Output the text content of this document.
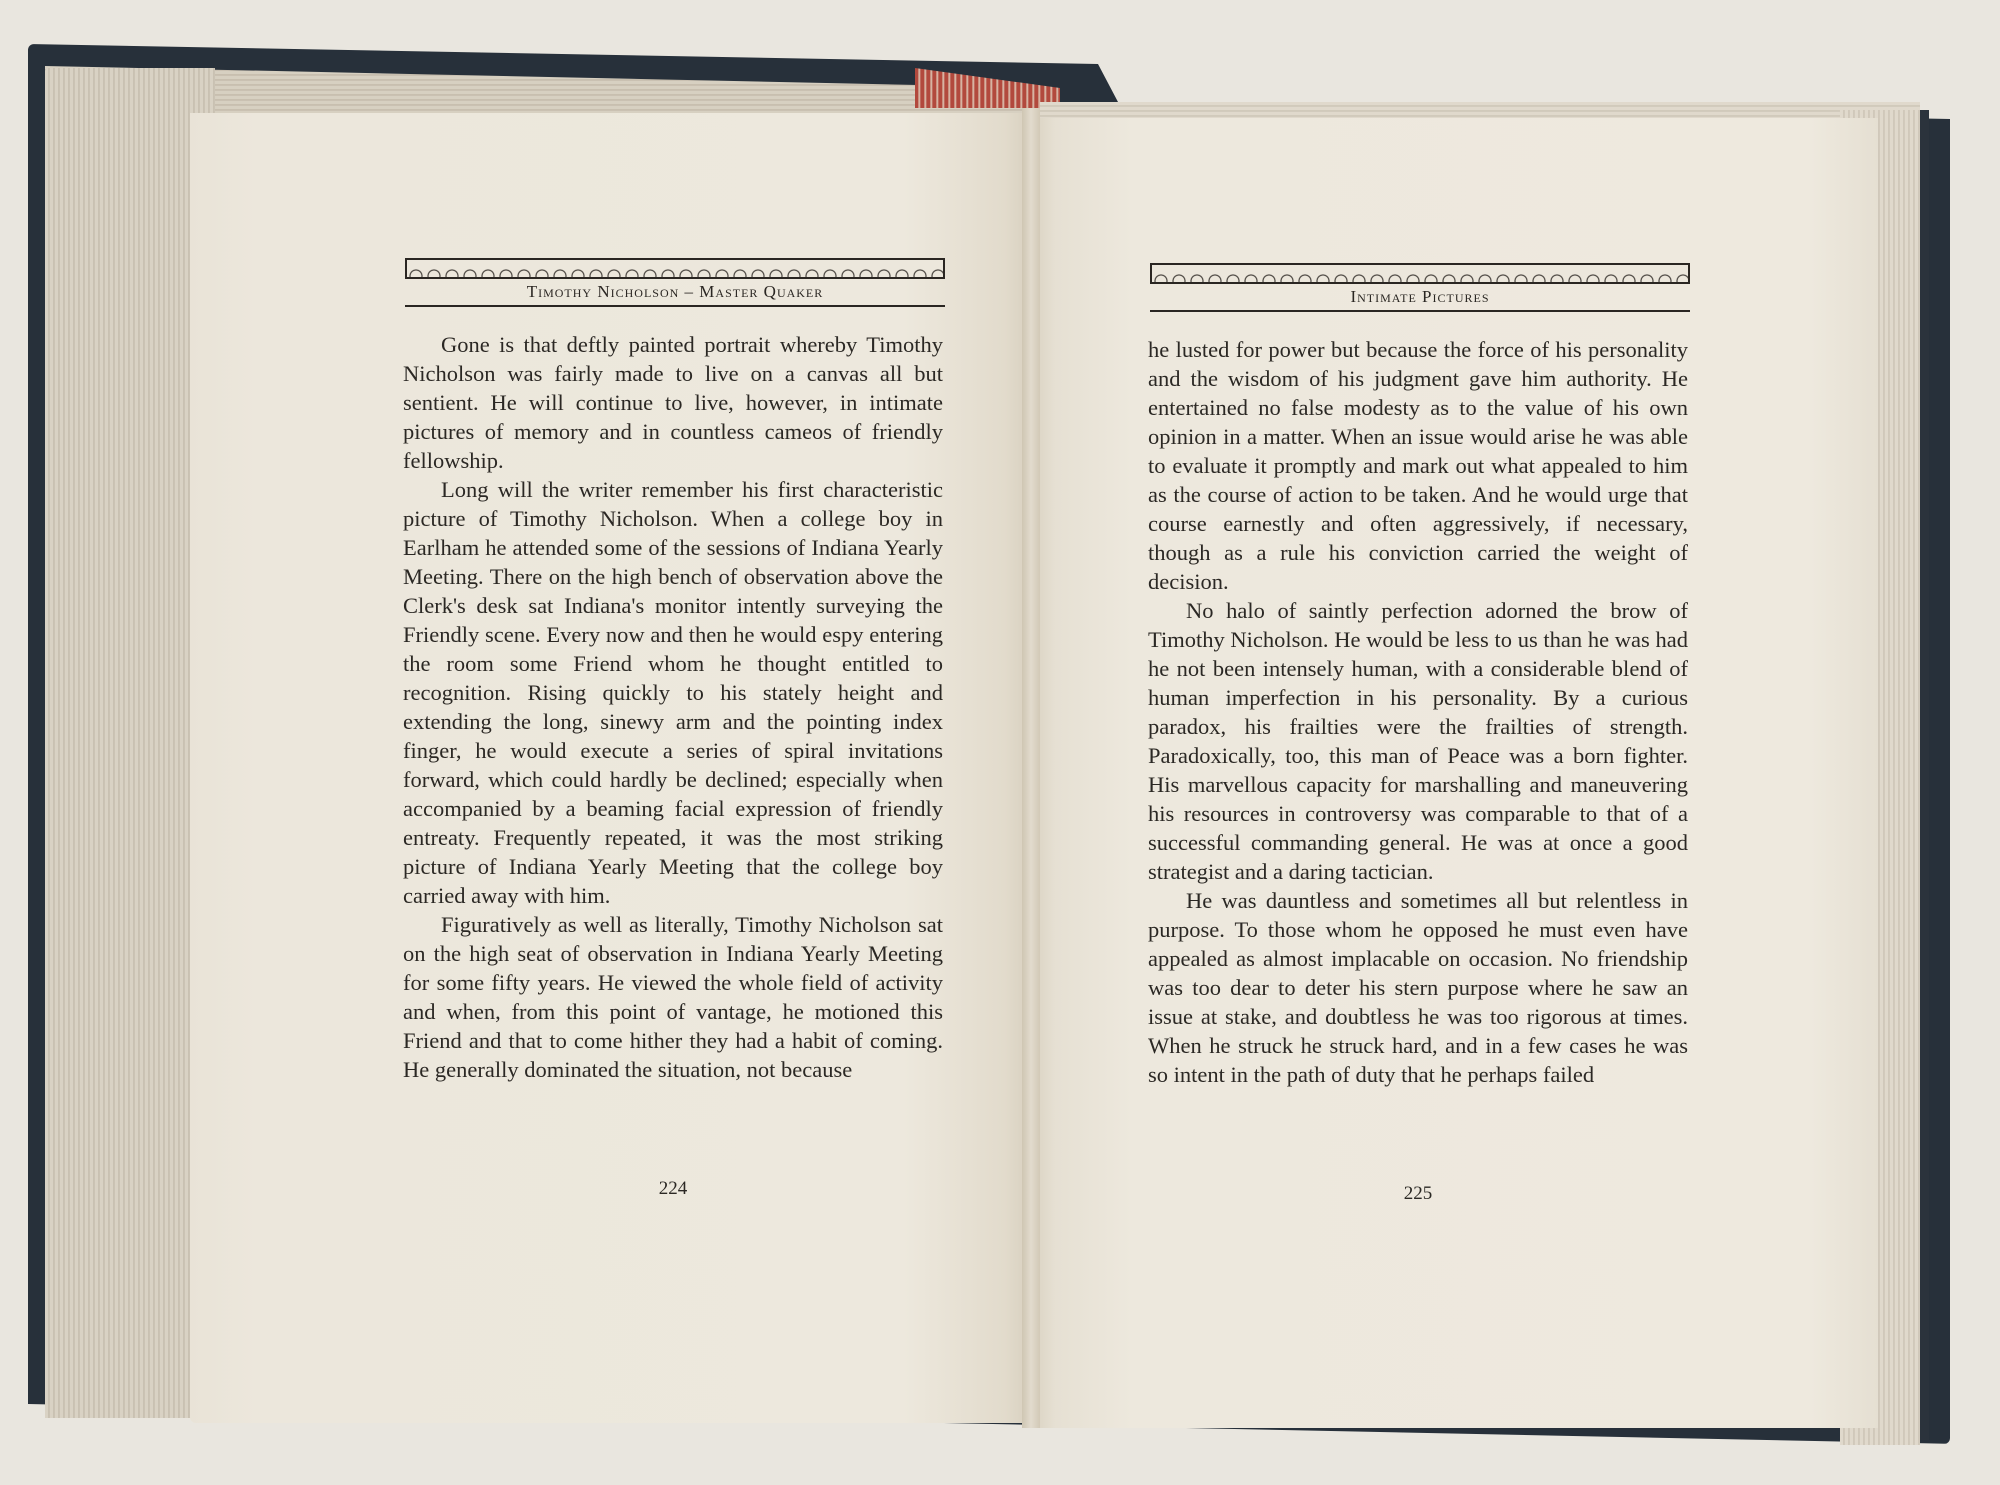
Timothy Nicholson – Master Quaker

Gone is that deftly painted portrait whereby Timothy Nicholson was fairly made to live on a canvas all but sentient. He will continue to live, however, in intimate pictures of memory and in countless cameos of friendly fellowship.

Long will the writer remember his first characteristic picture of Timothy Nicholson. When a college boy in Earlham he attended some of the sessions of Indiana Yearly Meeting. There on the high bench of observation above the Clerk's desk sat Indiana's monitor intently surveying the Friendly scene. Every now and then he would espy entering the room some Friend whom he thought entitled to recognition. Rising quickly to his stately height and extending the long, sinewy arm and the pointing index finger, he would execute a series of spiral invitations forward, which could hardly be declined; especially when accompanied by a beaming facial expression of friendly entreaty. Frequently repeated, it was the most striking picture of Indiana Yearly Meeting that the college boy carried away with him.

Figuratively as well as literally, Timothy Nicholson sat on the high seat of observation in Indiana Yearly Meeting for some fifty years. He viewed the whole field of activity and when, from this point of vantage, he motioned this Friend and that to come hither they had a habit of coming. He generally dominated the situation, not because

224
Intimate Pictures

he lusted for power but because the force of his personality and the wisdom of his judgment gave him authority. He entertained no false modesty as to the value of his own opinion in a matter. When an issue would arise he was able to evaluate it promptly and mark out what appealed to him as the course of action to be taken. And he would urge that course earnestly and often aggressively, if necessary, though as a rule his conviction carried the weight of decision.

No halo of saintly perfection adorned the brow of Timothy Nicholson. He would be less to us than he was had he not been intensely human, with a considerable blend of human imperfection in his personality. By a curious paradox, his frailties were the frailties of strength. Paradoxically, too, this man of Peace was a born fighter. His marvellous capacity for marshalling and maneuvering his resources in controversy was comparable to that of a successful commanding general. He was at once a good strategist and a daring tactician.

He was dauntless and sometimes all but relentless in purpose. To those whom he opposed he must even have appealed as almost implacable on occasion. No friendship was too dear to deter his stern purpose where he saw an issue at stake, and doubtless he was too rigorous at times. When he struck he struck hard, and in a few cases he was so intent in the path of duty that he perhaps failed

225
